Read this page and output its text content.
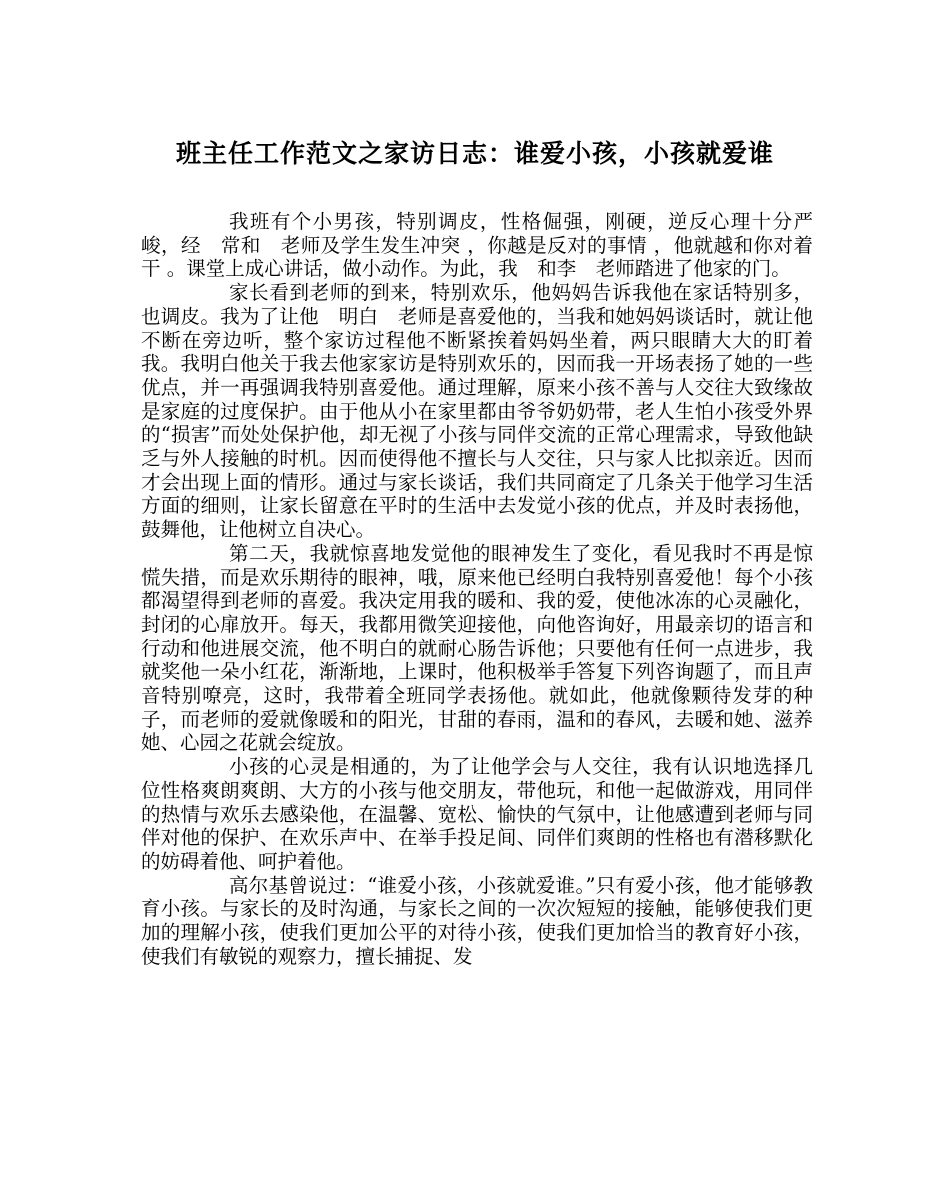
班主任工作范文之家访日志：谁爱小孩，小孩就爱谁

我班有个小男孩，特别调皮，性格倔强，刚硬，逆反心理十分严峻，经　常和　老师及学生发生冲突 ，你越是反对的事情 ，他就越和你对着干 。课堂上成心讲话，做小动作。为此，我　和李　老师踏进了他家的门。

家长看到老师的到来，特别欢乐，他妈妈告诉我他在家话特别多，也调皮。我为了让他　明白　老师是喜爱他的，当我和她妈妈谈话时，就让他不断在旁边听，整个家访过程他不断紧挨着妈妈坐着，两只眼睛大大的盯着我。我明白他关于我去他家家访是特别欢乐的，因而我一开场表扬了她的一些优点，并一再强调我特别喜爱他。通过理解，原来小孩不善与人交往大致缘故是家庭的过度保护。由于他从小在家里都由爷爷奶奶带，老人生怕小孩受外界的“损害”而处处保护他，却无视了小孩与同伴交流的正常心理需求，导致他缺乏与外人接触的时机。因而使得他不擅长与人交往，只与家人比拟亲近。因而才会出现上面的情形。通过与家长谈话，我们共同商定了几条关于他学习生活方面的细则，让家长留意在平时的生活中去发觉小孩的优点，并及时表扬他，鼓舞他，让他树立自决心。

第二天，我就惊喜地发觉他的眼神发生了变化，看见我时不再是惊慌失措，而是欢乐期待的眼神，哦，原来他已经明白我特别喜爱他！每个小孩都渴望得到老师的喜爱。我决定用我的暖和、我的爱，使他冰冻的心灵融化，封闭的心扉放开。每天，我都用微笑迎接他，向他咨询好，用最亲切的语言和行动和他进展交流，他不明白的就耐心肠告诉他；只要他有任何一点进步，我就奖他一朵小红花，渐渐地，上课时，他积极举手答复下列咨询题了，而且声音特别嘹亮，这时，我带着全班同学表扬他。就如此，他就像颗待发芽的种子，而老师的爱就像暖和的阳光，甘甜的春雨，温和的春风，去暖和她、滋养她、心园之花就会绽放。

小孩的心灵是相通的，为了让他学会与人交往，我有认识地选择几位性格爽朗爽朗、大方的小孩与他交朋友，带他玩，和他一起做游戏，用同伴的热情与欢乐去感染他，在温馨、宽松、愉快的气氛中，让他感遭到老师与同伴对他的保护、在欢乐声中、在举手投足间、同伴们爽朗的性格也有潜移默化的妨碍着他、呵护着他。

高尔基曾说过：“谁爱小孩，小孩就爱谁。”只有爱小孩，他才能够教育小孩。与家长的及时沟通，与家长之间的一次次短短的接触，能够使我们更加的理解小孩，使我们更加公平的对待小孩，使我们更加恰当的教育好小孩，使我们有敏锐的观察力，擅长捕捉、发
